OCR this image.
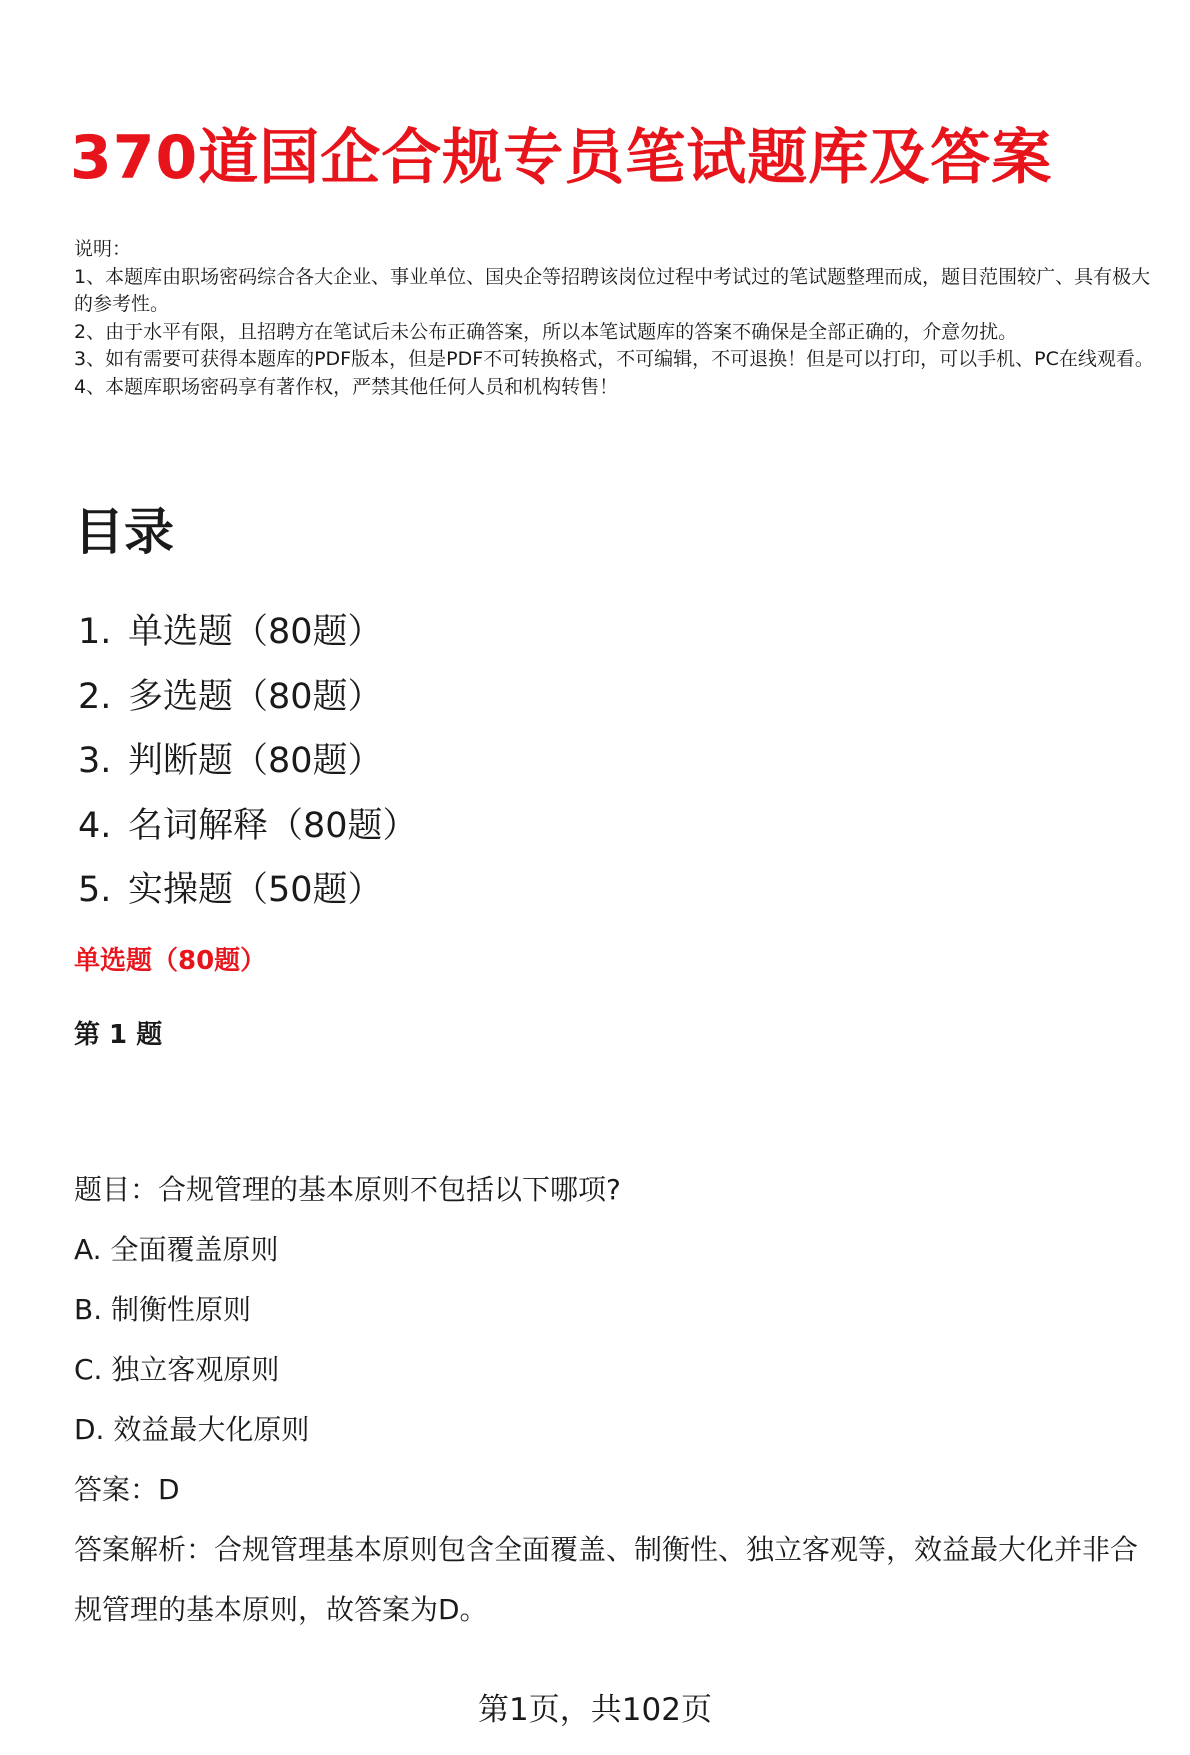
370道国企合规专员笔试题库及答案

说明：

1、本题库由职场密码综合各大企业、事业单位、国央企等招聘该岗位过程中考试过的笔试题整理而成，题目范围较广、具有极大的参考性。

2、由于水平有限，且招聘方在笔试后未公布正确答案，所以本笔试题库的答案不确保是全部正确的，介意勿扰。

3、如有需要可获得本题库的PDF版本，但是PDF不可转换格式，不可编辑，不可退换！但是可以打印，可以手机、PC在线观看。

4、本题库职场密码享有著作权，严禁其他任何人员和机构转售！

目录
1. 单选题（80题）
2. 多选题（80题）
3. 判断题（80题）
4. 名词解释（80题）
5. 实操题（50题）
单选题（80题）
第 1 题
题目：合规管理的基本原则不包括以下哪项?
A. 全面覆盖原则
B. 制衡性原则
C. 独立客观原则
D. 效益最大化原则
答案：D
答案解析：合规管理基本原则包含全面覆盖、制衡性、独立客观等，效益最大化并非合规管理的基本原则，故答案为D。
第1页，共102页
